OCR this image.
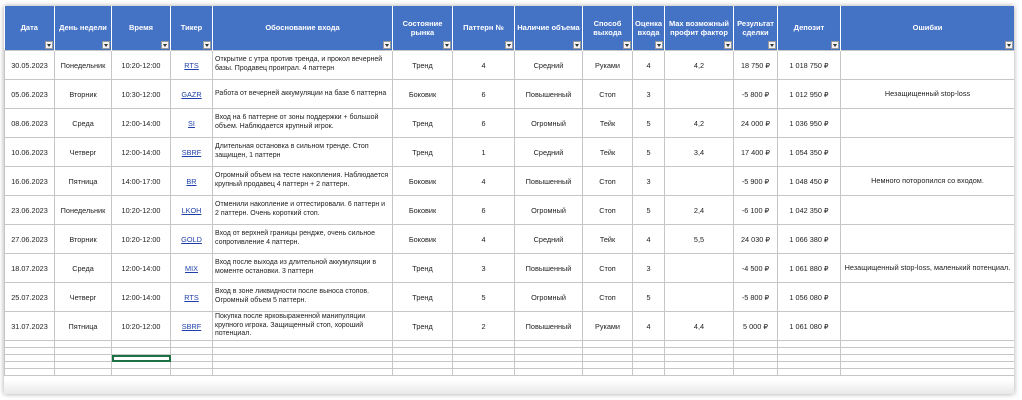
Дата	День недели	Время	Тикер	Обоснование входа	Состояние рынка	Паттерн №	Наличие объема	Способ выхода	Оценка входа	Max возможный профит фактор	Результат сделки	Депозит	Ошибки

30.05.2023	Понедельник	10:20-12:00	RTS	Открытие с утра против тренда, и прокол вечерней базы. Продавец проиграл. 4 паттерн	Тренд	4	Средний	Руками	4	4,2	18 750 ₽	1 018 750 ₽	
05.06.2023	Вторник	10:30-12:00	GAZR	Работа от вечерней аккумуляции на базе 6 паттерна	Боковик	6	Повышенный	Стоп	3		-5 800 ₽	1 012 950 ₽	Незащищенный stop-loss
08.06.2023	Среда	12:00-14:00	SI	Вход на 6 паттерне от зоны поддержки + большой объем. Наблюдается крупный игрок.	Тренд	6	Огромный	Тейк	5	4,2	24 000 ₽	1 036 950 ₽	
10.06.2023	Четверг	12:00-14:00	SBRF	Длительная остановка в сильном тренде. Стоп защищен, 1 паттерн	Тренд	1	Средний	Тейк	5	3,4	17 400 ₽	1 054 350 ₽	
16.06.2023	Пятница	14:00-17:00	BR	Огромный объем на тесте накопления. Наблюдается крупный продавец 4 паттерн + 2 паттерн.	Боковик	4	Повышенный	Стоп	3		-5 900 ₽	1 048 450 ₽	Немного поторопился со входом.
23.06.2023	Понедельник	10:20-12:00	LKOH	Отменили накопление и оттестировали. 6 паттерн и 2 паттерн. Очень короткий стоп.	Боковик	6	Огромный	Стоп	5	2,4	-6 100 ₽	1 042 350 ₽	
27.06.2023	Вторник	10:20-12:00	GOLD	Вход от верхней границы рендже, очень сильное сопротивление 4 паттерн.	Боковик	4	Средний	Тейк	4	5,5	24 030 ₽	1 066 380 ₽	
18.07.2023	Среда	12:00-14:00	MIX	Вход после выхода из длительной аккумуляции в моменте остановки. 3 паттерн	Тренд	3	Повышенный	Стоп	3		-4 500 ₽	1 061 880 ₽	Незащищенный stop-loss, маленький потенциал.
25.07.2023	Четверг	12:00-14:00	RTS	Вход в зоне ликвидности после выноса стопов. Огромный объем 5 паттерн.	Тренд	5	Огромный	Стоп	5		-5 800 ₽	1 056 080 ₽	
31.07.2023	Пятница	10:20-12:00	SBRF	Покупка после ярковыраженной манипуляции крупного игрока. Защищенный стоп, хороший потенциал.	Тренд	2	Повышенный	Руками	4	4,4	5 000 ₽	1 061 080 ₽	
